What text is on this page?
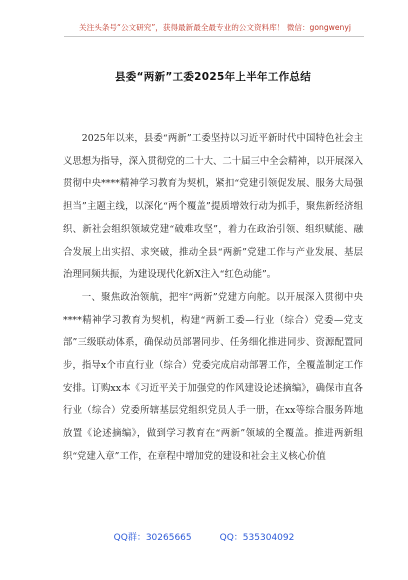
关注头条号“公文研究”，获得最新最全最专业的公文资料库！ 微信：gongwenyj
县委“两新”工委2025年上半年工作总结

2025年以来，县委“两新”工委坚持以习近平新时代中国特色社会主义思想为指导，深入贯彻党的二十大、二十届三中全会精神，以开展深入贯彻中央****精神学习教育为契机，紧扣“党建引领促发展、服务大局强担当”主题主线，以深化“两个覆盖”提质增效行动为抓手，聚焦新经济组织、新社会组织领域党建“破难攻坚”，着力在政治引领、组织赋能、融合发展上出实招、求突破，推动全县“两新”党建工作与产业发展、基层治理同频共振，为建设现代化新X注入“红色动能”。

一、聚焦政治领航，把牢“两新”党建方向舵。以开展深入贯彻中央****精神学习教育为契机，构建“两新工委—行业（综合）党委—党支部”三级联动体系，确保动员部署同步、任务细化推进同步、资源配置同步，指导x个市直行业（综合）党委完成启动部署工作，全覆盖制定工作安排。订购xx本《习近平关于加强党的作风建设论述摘编》，确保市直各行业（综合）党委所辖基层党组织党员人手一册，在xx等综合服务阵地放置《论述摘编》，做到学习教育在“两新”领域的全覆盖。推进两新组织“党建入章”工作，在章程中增加党的建设和社会主义核心价值

QQ群：30265665	QQ：535304092
